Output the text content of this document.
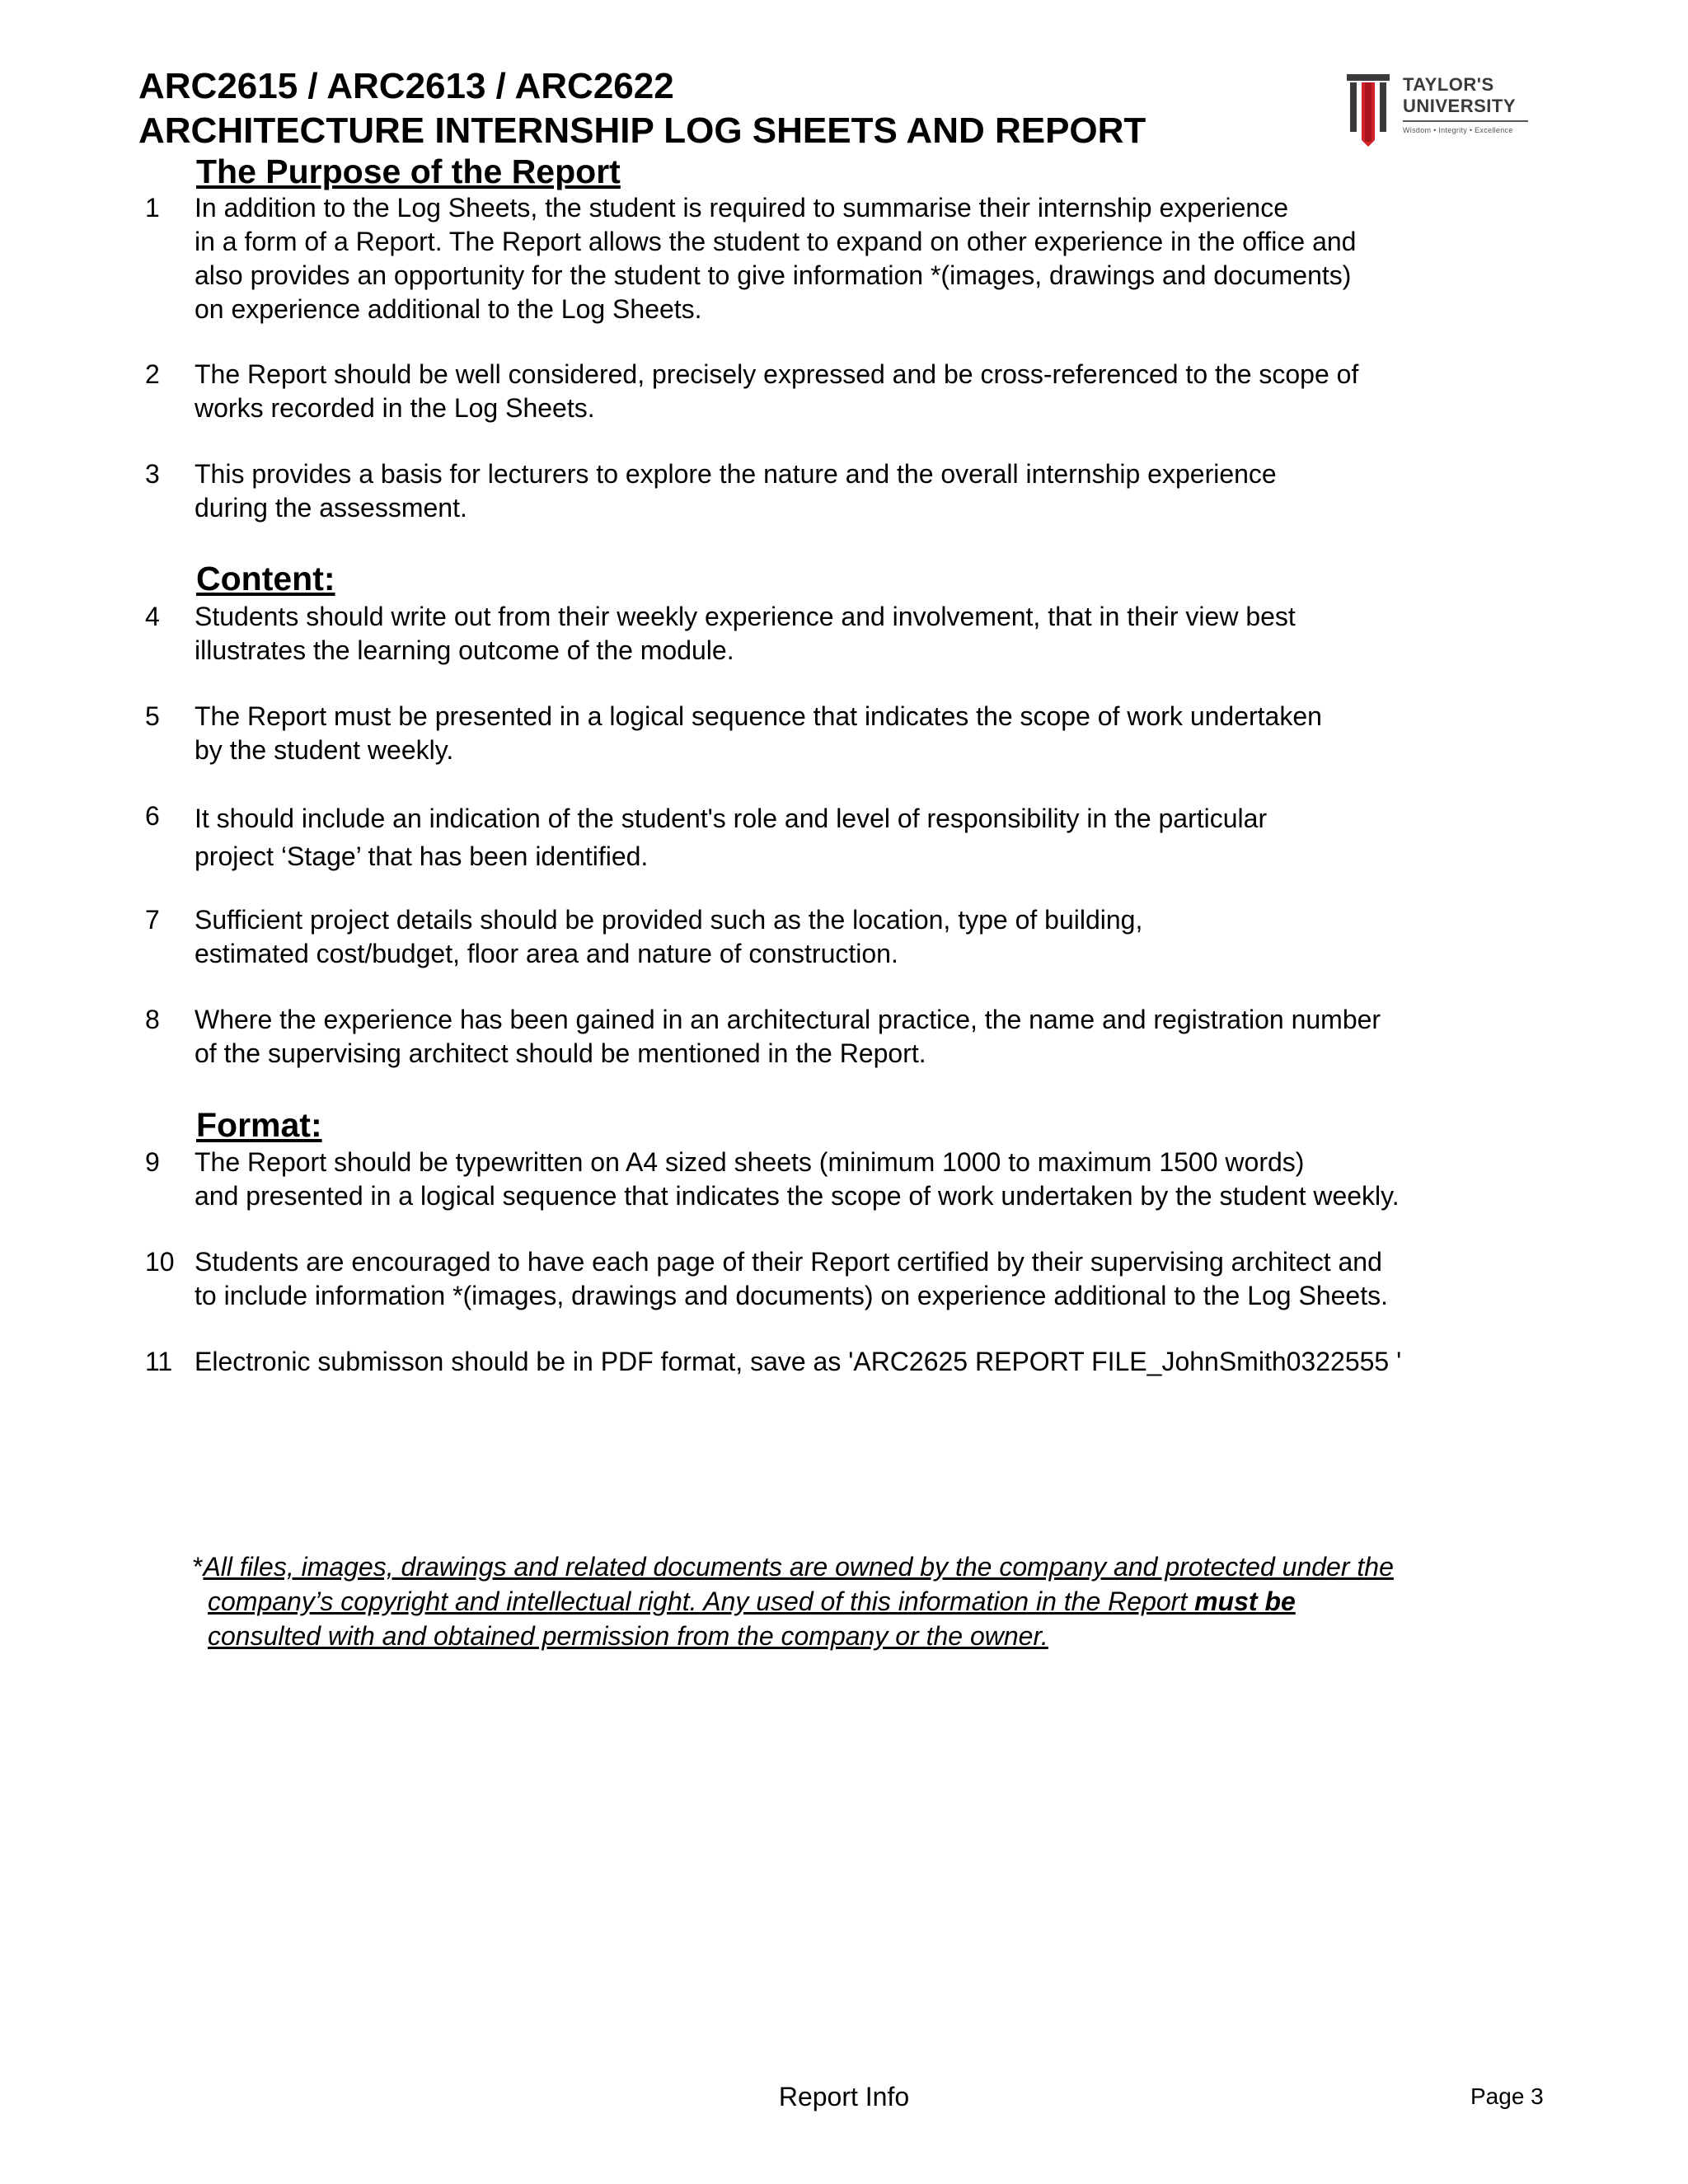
ARC2615 / ARC2613 / ARC2622
ARCHITECTURE INTERNSHIP LOG SHEETS AND REPORT
TAYLOR'S
UNIVERSITY
Wisdom • Integrity • Excellence
The Purpose of the Report
1 In addition to the Log Sheets, the student is required to summarise their internship experience
in a form of a Report. The Report allows the student to expand on other experience in the office and
also provides an opportunity for the student to give information *(images, drawings and documents)
on experience additional to the Log Sheets.
2 The Report should be well considered, precisely expressed and be cross-referenced to the scope of
works recorded in the Log Sheets.
3 This provides a basis for lecturers to explore the nature and the overall internship experience
during the assessment.
Content:
4 Students should write out from their weekly experience and involvement, that in their view best
illustrates the learning outcome of the module.
5 The Report must be presented in a logical sequence that indicates the scope of work undertaken
by the student weekly.
6 It should include an indication of the student's role and level of responsibility in the particular
project ‘Stage’ that has been identified.
7 Sufficient project details should be provided such as the location, type of building,
estimated cost/budget, floor area and nature of construction.
8 Where the experience has been gained in an architectural practice, the name and registration number
of the supervising architect should be mentioned in the Report.
Format:
9 The Report should be typewritten on A4 sized sheets (minimum 1000 to maximum 1500 words)
and presented in a logical sequence that indicates the scope of work undertaken by the student weekly.
10 Students are encouraged to have each page of their Report certified by their supervising architect and
to include information *(images, drawings and documents) on experience additional to the Log Sheets.
11 Electronic submisson should be in PDF format, save as 'ARC2625 REPORT FILE_JohnSmith0322555 '
*All files, images, drawings and related documents are owned by the company and protected under the
company’s copyright and intellectual right. Any used of this information in the Report must be
consulted with and obtained permission from the company or the owner.
Report Info	Page 3
